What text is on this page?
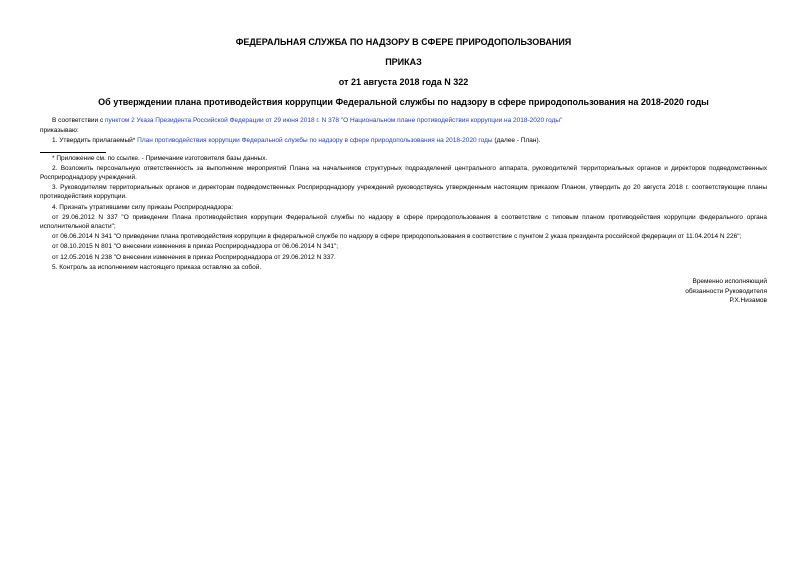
ФЕДЕРАЛЬНАЯ СЛУЖБА ПО НАДЗОРУ В СФЕРЕ ПРИРОДОПОЛЬЗОВАНИЯ
ПРИКАЗ
от 21 августа 2018 года N 322
Об утверждении плана противодействия коррупции Федеральной службы по надзору в сфере природопользования на 2018-2020 годы
В соответствии с пунктом 2 Указа Президента Российской Федерации от 29 июня 2018 г. N 378 "О Национальном плане противодействия коррупции на 2018-2020 годы"
приказываю:
1. Утвердить прилагаемый* План противодействия коррупции Федеральной службы по надзору в сфере природопользования на 2018-2020 годы (далее - План).
* Приложение см. по ссылке. - Примечание изготовителя базы данных.
2. Возложить персональную ответственность за выполнение мероприятий Плана на начальников структурных подразделений центрального аппарата, руководителей территориальных органов и директоров подведомственных Росприроднадзору учреждений.
3. Руководителям территориальных органов и директорам подведомственных Росприроднадзору учреждений руководствуясь утвержденным настоящим приказом Планом, утвердить до 20 августа 2018 г. соответствующие планы противодействия коррупции.
4. Признать утратившими силу приказы Росприроднадзора:
от 29.06.2012 N 337 "О приведении Плана противодействия коррупции Федеральной службы по надзору в сфере природопользования в соответствие с типовым планом противодействия коррупции федерального органа исполнительной власти";
от 06.06.2014 N 341 "О приведении плана противодействия коррупции в федеральной службе по надзору в сфере природопользования в соответствие с пунктом 2 указа президента российской федерации от 11.04.2014 N 226";
от 08.10.2015 N 801 "О внесении изменения в приказ Росприроднадзора от 06.06.2014 N 341";
от 12.05.2016 N 238 "О внесении изменения в приказ Росприроднадзора от 29.06.2012 N 337.
5. Контроль за исполнением настоящего приказа оставляю за собой.
Временно исполняющий
обязанности Руководителя
Р.Х.Низамов
